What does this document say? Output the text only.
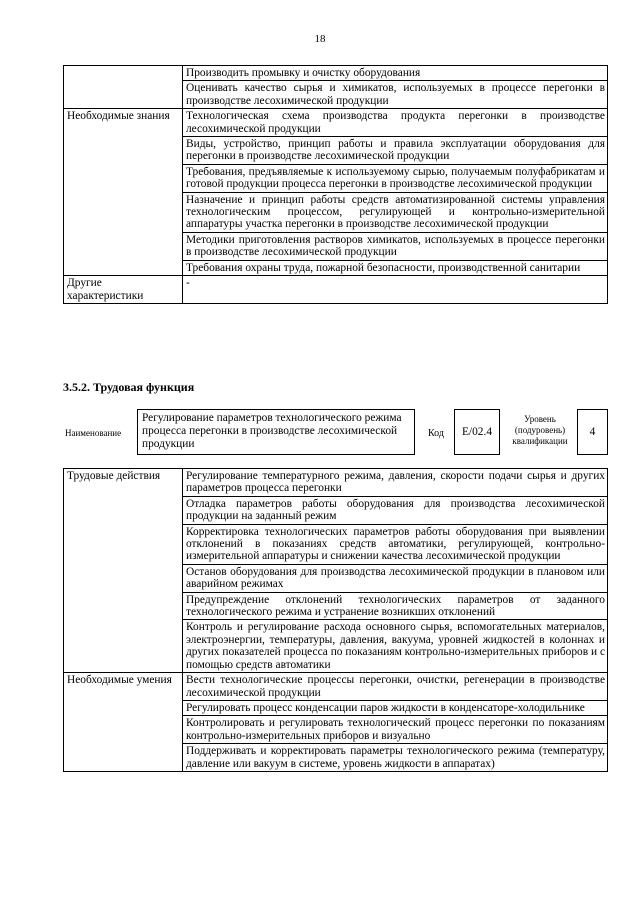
18
	Производить промывку и очистку оборудования
	Оценивать качество сырья и химикатов, используемых в процессе перегонки в производстве лесохимической продукции
Необходимые знания	Технологическая схема производства продукта перегонки в производстве лесохимической продукции
	Виды, устройство, принцип работы и правила эксплуатации оборудования для перегонки в производстве лесохимической продукции
	Требования, предъявляемые к используемому сырью, получаемым полуфабрикатам и готовой продукции процесса перегонки в производстве лесохимической продукции
	Назначение и принцип работы средств автоматизированной системы управления технологическим процессом, регулирующей и контрольно-измерительной аппаратуры участка перегонки в производстве лесохимической продукции
	Методики приготовления растворов химикатов, используемых в процессе перегонки в производстве лесохимической продукции
	Требования охраны труда, пожарной безопасности, производственной санитарии
Другие характеристики	-
3.5.2. Трудовая функция
Наименование
Регулирование параметров технологического режима процесса перегонки в производстве лесохимической продукции
Код	E/02.4
Уровень (подуровень) квалификации
4
Трудовые действия	Регулирование температурного режима, давления, скорости подачи сырья и других параметров процесса перегонки
	Отладка параметров работы оборудования для производства лесохимической продукции на заданный режим
	Корректировка технологических параметров работы оборудования при выявлении отклонений в показаниях средств автоматики, регулирующей, контрольно-измерительной аппаратуры и снижении качества лесохимической продукции
	Останов оборудования для производства лесохимической продукции в плановом или аварийном режимах
	Предупреждение отклонений технологических параметров от заданного технологического режима и устранение возникших отклонений
	Контроль и регулирование расхода основного сырья, вспомогательных материалов, электроэнергии, температуры, давления, вакуума, уровней жидкостей в колоннах и других показателей процесса по показаниям контрольно-измерительных приборов и с помощью средств автоматики
Необходимые умения	Вести технологические процессы перегонки, очистки, регенерации в производстве лесохимической продукции
	Регулировать процесс конденсации паров жидкости в конденсаторе-холодильнике
	Контролировать и регулировать технологический процесс перегонки по показаниям контрольно-измерительных приборов и визуально
	Поддерживать и корректировать параметры технологического режима (температуру, давление или вакуум в системе, уровень жидкости в аппаратах)
